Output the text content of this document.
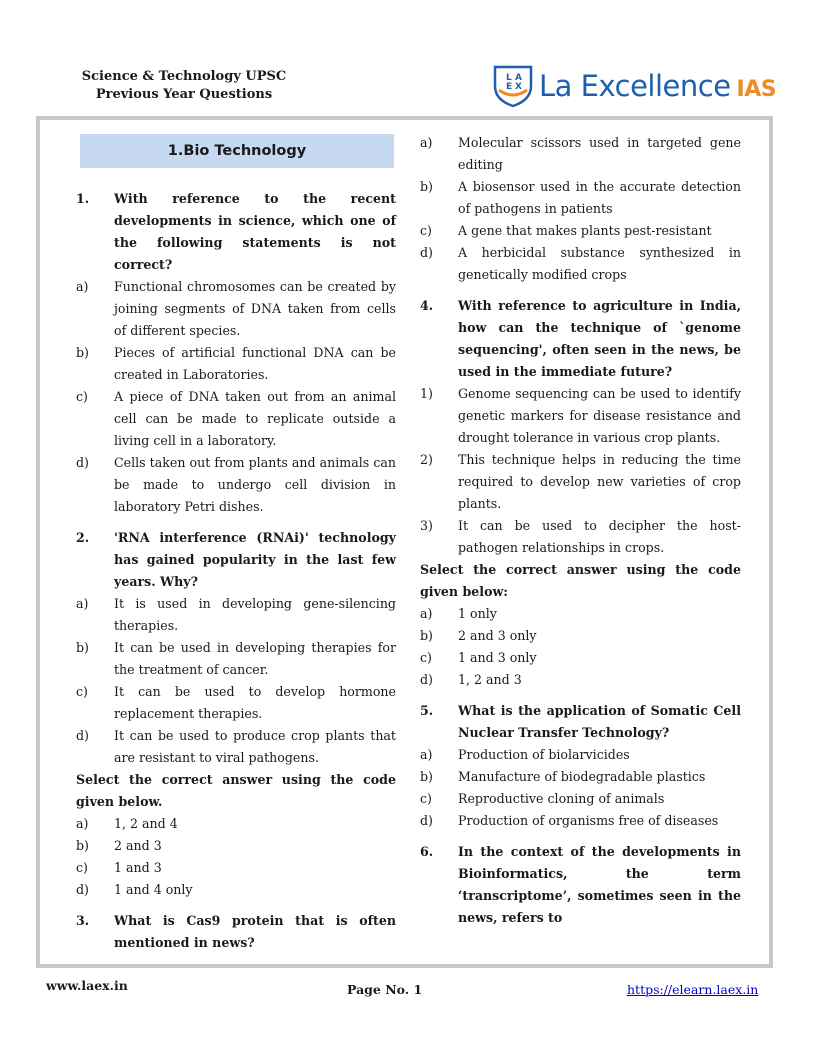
Science & Technology UPSC
Previous Year Questions
L A
E X La Excellence IAS
1.Bio Technology
1.	With reference to the recent developments in science, which one of the following statements is not correct?
a)	Functional chromosomes can be created by joining segments of DNA taken from cells of different species.
b)	Pieces of artificial functional DNA can be created in Laboratories.
c)	A piece of DNA taken out from an animal cell can be made to replicate outside a living cell in a laboratory.
d)	Cells taken out from plants and animals can be made to undergo cell division in laboratory Petri dishes.
2.	'RNA interference (RNAi)' technology has gained popularity in the last few years. Why?
a)	It is used in developing gene-silencing therapies.
b)	It can be used in developing therapies for the treatment of cancer.
c)	It can be used to develop hormone replacement therapies.
d)	It can be used to produce crop plants that are resistant to viral pathogens.
Select the correct answer using the code given below.
a)	1, 2 and 4
b)	2 and 3
c)	1 and 3
d)	1 and 4 only
3.	What is Cas9 protein that is often mentioned in news?
a)	Molecular scissors used in targeted gene editing
b)	A biosensor used in the accurate detection of pathogens in patients
c)	A gene that makes plants pest-resistant
d)	A herbicidal substance synthesized in genetically modified crops
4.	With reference to agriculture in India, how can the technique of `genome sequencing', often seen in the news, be used in the immediate future?
1)	Genome sequencing can be used to identify genetic markers for disease resistance and drought tolerance in various crop plants.
2)	This technique helps in reducing the time required to develop new varieties of crop plants.
3)	It can be used to decipher the host-pathogen relationships in crops.
Select the correct answer using the code given below:
a)	1 only
b)	2 and 3 only
c)	1 and 3 only
d)	1, 2 and 3
5.	What is the application of Somatic Cell Nuclear Transfer Technology?
a)	Production of biolarvicides
b)	Manufacture of biodegradable plastics
c)	Reproductive cloning of animals
d)	Production of organisms free of diseases
6.	In the context of the developments in Bioinformatics, the term ‘transcriptome’, sometimes seen in the news, refers to
www.laex.in	Page No. 1	https://elearn.laex.in
